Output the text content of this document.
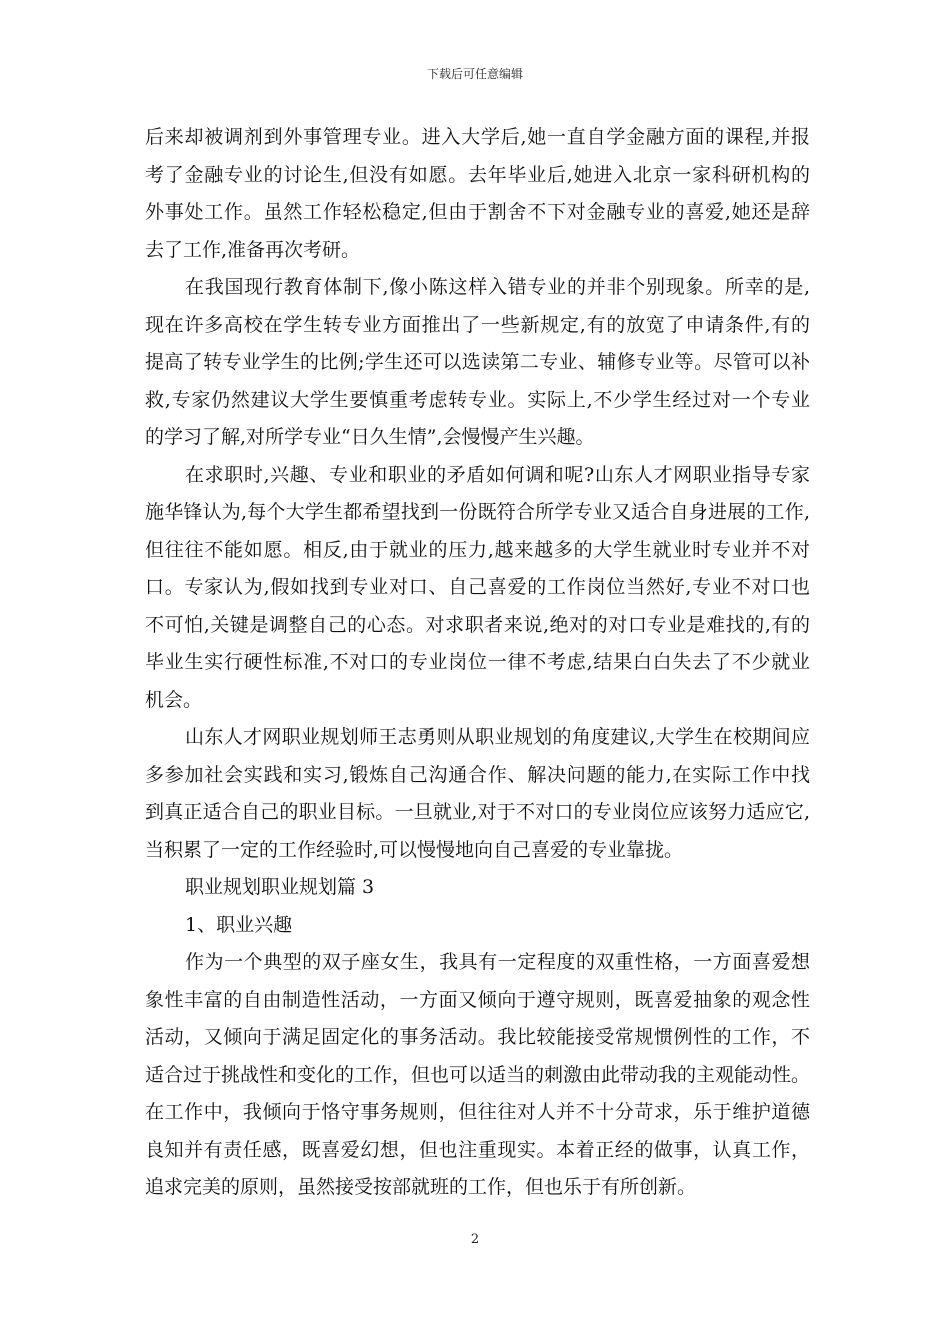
下载后可任意编辑
后来却被调剂到外事管理专业。进入大学后,她一直自学金融方面的课程,并报
考了金融专业的讨论生,但没有如愿。去年毕业后,她进入北京一家科研机构的
外事处工作。虽然工作轻松稳定,但由于割舍不下对金融专业的喜爱,她还是辞
去了工作,准备再次考研。
在我国现行教育体制下,像小陈这样入错专业的并非个别现象。所幸的是,
现在许多高校在学生转专业方面推出了一些新规定,有的放宽了申请条件,有的
提高了转专业学生的比例;学生还可以选读第二专业、辅修专业等。尽管可以补
救,专家仍然建议大学生要慎重考虑转专业。实际上,不少学生经过对一个专业
的学习了解,对所学专业“日久生情”,会慢慢产生兴趣。
在求职时,兴趣、专业和职业的矛盾如何调和呢?山东人才网职业指导专家
施华锋认为,每个大学生都希望找到一份既符合所学专业又适合自身进展的工作,
但往往不能如愿。相反,由于就业的压力,越来越多的大学生就业时专业并不对
口。专家认为,假如找到专业对口、自己喜爱的工作岗位当然好,专业不对口也
不可怕,关键是调整自己的心态。对求职者来说,绝对的对口专业是难找的,有的
毕业生实行硬性标准,不对口的专业岗位一律不考虑,结果白白失去了不少就业
机会。
山东人才网职业规划师王志勇则从职业规划的角度建议,大学生在校期间应
多参加社会实践和实习,锻炼自己沟通合作、解决问题的能力,在实际工作中找
到真正适合自己的职业目标。一旦就业,对于不对口的专业岗位应该努力适应它,
当积累了一定的工作经验时,可以慢慢地向自己喜爱的专业靠拢。
职业规划职业规划篇 3
1、职业兴趣
作为一个典型的双子座女生，我具有一定程度的双重性格，一方面喜爱想
象性丰富的自由制造性活动，一方面又倾向于遵守规则，既喜爱抽象的观念性
活动，又倾向于满足固定化的事务活动。我比较能接受常规惯例性的工作，不
适合过于挑战性和变化的工作，但也可以适当的刺激由此带动我的主观能动性。
在工作中，我倾向于恪守事务规则，但往往对人并不十分苛求，乐于维护道德
良知并有责任感，既喜爱幻想，但也注重现实。本着正经的做事，认真工作，
追求完美的原则，虽然接受按部就班的工作，但也乐于有所创新。
2
